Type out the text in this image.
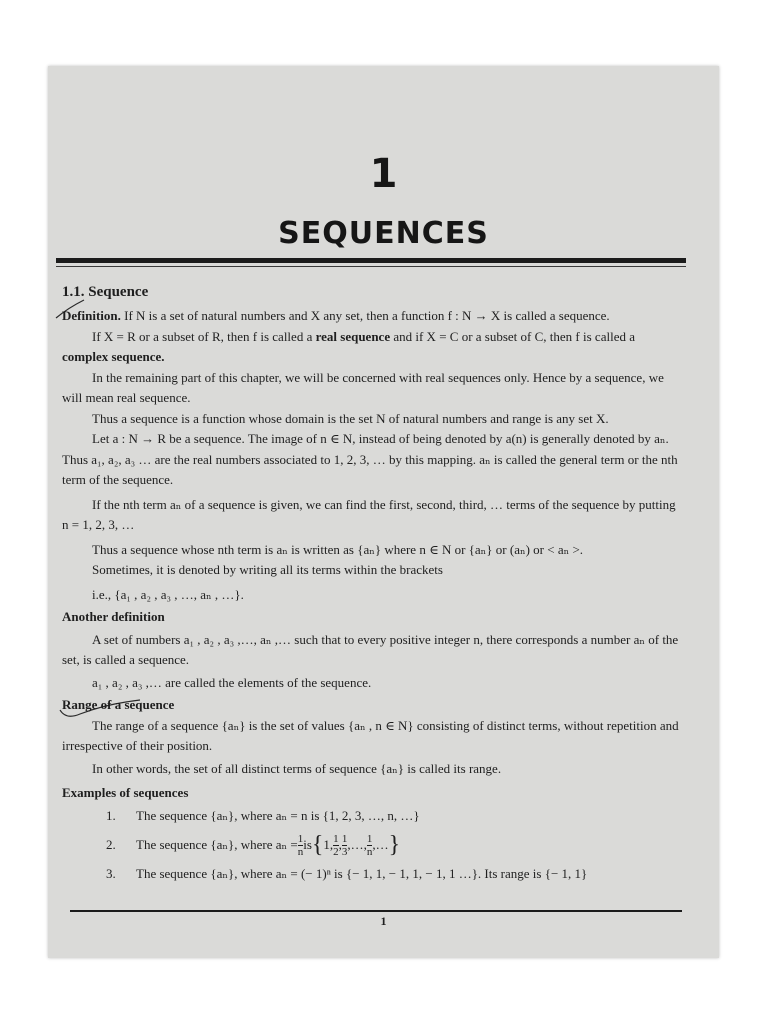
1
SEQUENCES

1.1. Sequence

Definition. If N is a set of natural numbers and X any set, then a function f : N → X is called a sequence.

If X = R or a subset of R, then f is called a real sequence and if X = C or a subset of C, then f is called a complex sequence.

In the remaining part of this chapter, we will be concerned with real sequences only. Hence by a sequence, we will mean real sequence.

Thus a sequence is a function whose domain is the set N of natural numbers and range is any set X.

Let a : N → R be a sequence. The image of n ∈ N, instead of being denoted by a(n) is generally denoted by aₙ. Thus a₁, a₂, a₃ … are the real numbers associated to 1, 2, 3, … by this mapping. aₙ is called the general term or the nth term of the sequence.

If the nth term aₙ of a sequence is given, we can find the first, second, third, … terms of the sequence by putting n = 1, 2, 3, …

Thus a sequence whose nth term is aₙ is written as {aₙ} where n ∈ N or {aₙ} or (aₙ) or < aₙ >.

Sometimes, it is denoted by writing all its terms within the brackets

i.e., {a₁ , a₂ , a₃ , …, aₙ , …}.

Another definition

A set of numbers a₁ , a₂ , a₃ ,…, aₙ ,… such that to every positive integer n, there corresponds a number aₙ of the set, is called a sequence.

a₁ , a₂ , a₃ ,… are called the elements of the sequence.

Range of a sequence

The range of a sequence {aₙ} is the set of values {aₙ , n ∈ N} consisting of distinct terms, without repetition and irrespective of their position.

In other words, the set of all distinct terms of sequence {aₙ} is called its range.

Examples of sequences

1.	The sequence {aₙ}, where aₙ = n is {1, 2, 3, …, n, …}
2.	The sequence {aₙ}, where $a_n = \frac{1}{n}$ is { 1, $\frac{1}{2}$ , $\frac{1}{3}$ ,…, $\frac{1}{n}$ ,… }
3.	The sequence {aₙ}, where aₙ = (− 1)ⁿ is {− 1, 1, − 1, 1, − 1, 1 …}. Its range is {− 1, 1}
1
